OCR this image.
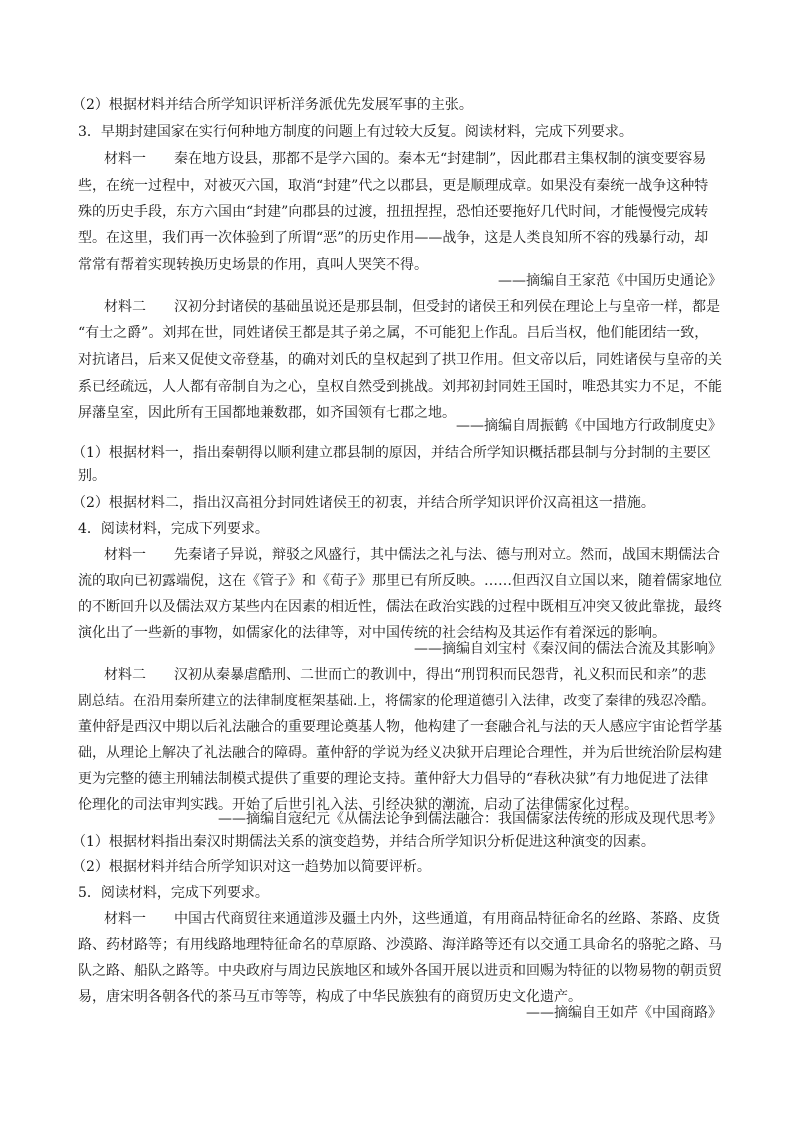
（2）根据材料并结合所学知识评析洋务派优先发展军事的主张。
3．早期封建国家在实行何种地方制度的问题上有过较大反复。阅读材料，完成下列要求。
材料一　　秦在地方设县，那都不是学六国的。秦本无“封建制”，因此郡君主集权制的演变要容易
些，在统一过程中，对被灭六国，取消“封建”代之以郡县，更是顺理成章。如果没有秦统一战争这种特
殊的历史手段，东方六国由“封建”向郡县的过渡，扭扭捏捏，恐怕还要拖好几代时间，才能慢慢完成转
型。在这里，我们再一次体验到了所谓“恶”的历史作用——战争，这是人类良知所不容的残暴行动，却
常常有帮着实现转换历史场景的作用，真叫人哭笑不得。
——摘编自王家范《中国历史通论》
材料二　　汉初分封诸侯的基础虽说还是那县制，但受封的诸侯王和列侯在理论上与皇帝一样，都是
“有士之爵”。刘邦在世，同姓诸侯王都是其子弟之属，不可能犯上作乱。吕后当权，他们能团结一致，
对抗诸吕，后来又促使文帝登基，的确对刘氏的皇权起到了拱卫作用。但文帝以后，同姓诸侯与皇帝的关
系已经疏远，人人都有帝制自为之心，皇权自然受到挑战。刘邦初封同姓王国时，唯恐其实力不足，不能
屏藩皇室，因此所有王国都地兼数郡，如齐国领有七郡之地。
——摘编自周振鹤《中国地方行政制度史》
（1）根据材料一，指出秦朝得以顺利建立郡县制的原因，并结合所学知识概括郡县制与分封制的主要区
别。
（2）根据材料二，指出汉高祖分封同姓诸侯王的初衷，并结合所学知识评价汉高祖这一措施。
4．阅读材料，完成下列要求。
材料一　　先秦诸子异说，辩驳之风盛行，其中儒法之礼与法、德与刑对立。然而，战国末期儒法合
流的取向已初露端倪，这在《管子》和《荀子》那里已有所反映。……但西汉自立国以来，随着儒家地位
的不断回升以及儒法双方某些内在因素的相近性，儒法在政治实践的过程中既相互冲突又彼此靠拢，最终
演化出了一些新的事物，如儒家化的法律等，对中国传统的社会结构及其运作有着深远的影响。
——摘编自刘宝村《秦汉间的儒法合流及其影响》
材料二　　汉初从秦暴虐酷刑、二世而亡的教训中，得出“刑罚积而民怨背，礼义积而民和亲”的悲
剧总结。在沿用秦所建立的法律制度框架基础.上，将儒家的伦理道德引入法律，改变了秦律的残忍冷酷。
董仲舒是西汉中期以后礼法融合的重要理论奠基人物，他构建了一套融合礼与法的天人感应宇宙论哲学基
础，从理论上解决了礼法融合的障碍。董仲舒的学说为经义决狱开启理论合理性，并为后世统治阶层构建
更为完整的德主刑辅法制模式提供了重要的理论支持。董仲舒大力倡导的“春秋决狱”有力地促进了法律
伦理化的司法审判实践。开始了后世引礼入法、引经决狱的潮流，启动了法律儒家化过程。
——摘编自寇纪元《从儒法论争到儒法融合：我国儒家法传统的形成及现代思考》
（1）根据材料指出秦汉时期儒法关系的演变趋势，并结合所学知识分析促进这种演变的因素。
（2）根据材料并结合所学知识对这一趋势加以简要评析。
5．阅读材料，完成下列要求。
材料一　　中国古代商贸往来通道涉及疆土内外，这些通道，有用商品特征命名的丝路、茶路、皮货
路、药材路等；有用线路地理特征命名的草原路、沙漠路、海洋路等还有以交通工具命名的骆驼之路、马
队之路、船队之路等。中央政府与周边民族地区和域外各国开展以进贡和回赐为特征的以物易物的朝贡贸
易，唐宋明各朝各代的茶马互市等等，构成了中华民族独有的商贸历史文化遗产。
——摘编自王如芹《中国商路》
